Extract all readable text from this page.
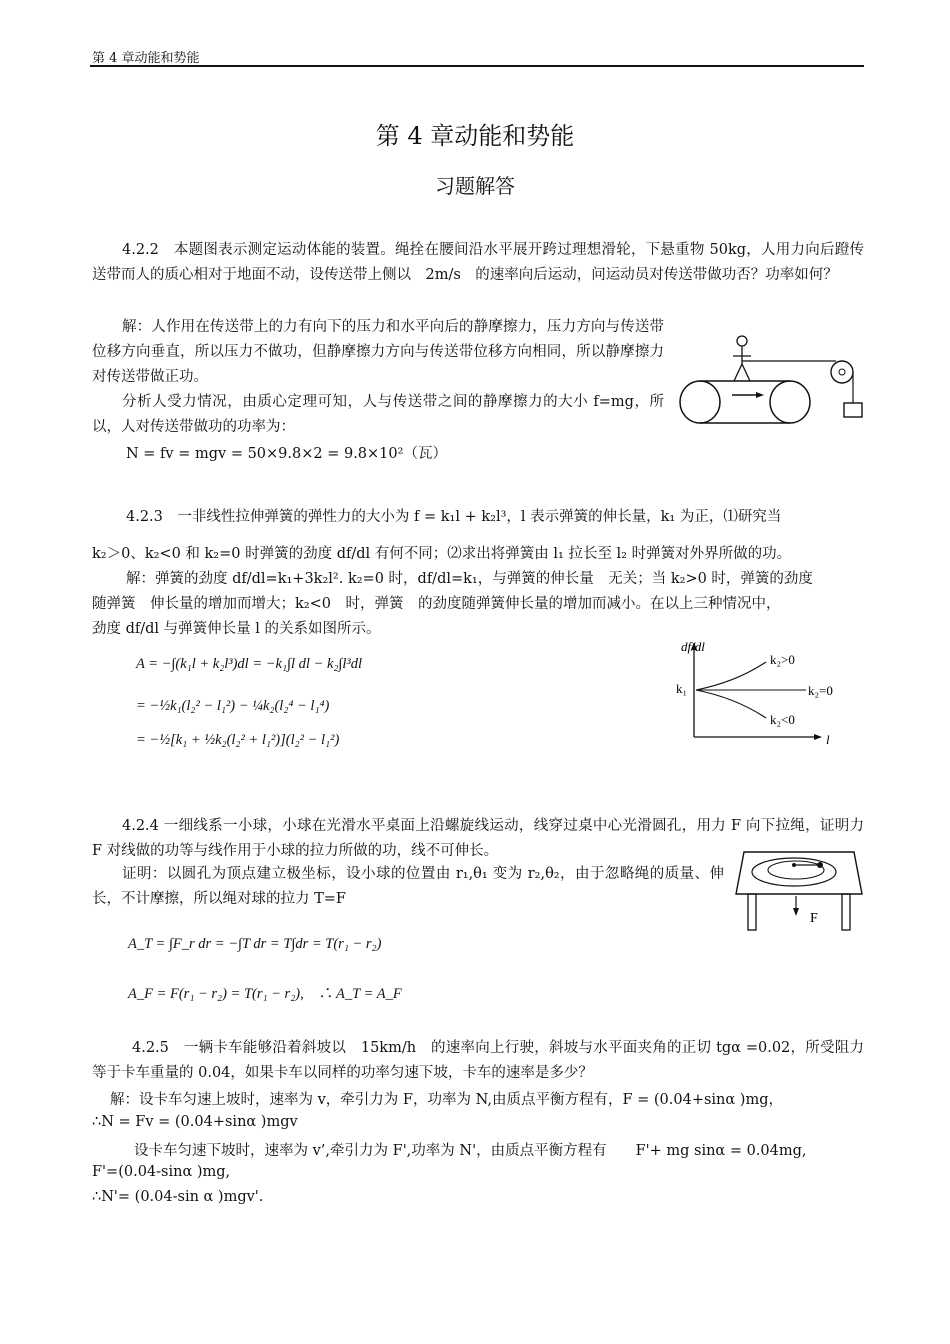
第 4 章动能和势能
第 4 章动能和势能
习题解答
4.2.2　本题图表示测定运动体能的装置。绳拴在腰间沿水平展开跨过理想滑轮，下悬重物 50kg，人用力向后蹬传送带而人的质心相对于地面不动，设传送带上侧以　2m/s　的速率向后运动，问运动员对传送带做功否？功率如何？
解：人作用在传送带上的力有向下的压力和水平向后的静摩擦力，压力方向与传送带位移方向垂直，所以压力不做功，但静摩擦力方向与传送带位移方向相同，所以静摩擦力对传送带做正功。
分析人受力情况，由质心定理可知，人与传送带之间的静摩擦力的大小 f=mg，所以，人对传送带做功的功率为：
N = fv = mgv = 50×9.8×2 = 9.8×10²（瓦）
4.2.3　一非线性拉伸弹簧的弹性力的大小为 f = k₁l + k₂l³，l 表示弹簧的伸长量，k₁ 为正，⑴研究当
k₂＞0、k₂<0 和 k₂=0 时弹簧的劲度 df/dl 有何不同；⑵求出将弹簧由 l₁ 拉长至 l₂ 时弹簧对外界所做的功。
解：弹簧的劲度 df/dl=k₁+3k₂l². k₂=0 时，df/dl=k₁，与弹簧的伸长量　无关；当 k₂>0 时，弹簧的劲度
随弹簧　伸长量的增加而增大；k₂<0　时，弹簧　的劲度随弹簧伸长量的增加而减小。在以上三种情况中，
劲度 df/dl 与弹簧伸长量 l 的关系如图所示。
A = −∫(k₁l + k₂l³)dl = −k₁∫l dl − k₂∫l³dl
= −½k₁(l₂² − l₁²) − ¼k₂(l₂⁴ − l₁⁴)
= −½[k₁ + ½k₂(l₂² + l₁²)](l₂² − l₁²)
df/dl
l
k₁
k₂>0
k₂=0
k₂<0
4.2.4 一细线系一小球，小球在光滑水平桌面上沿螺旋线运动，线穿过桌中心光滑圆孔，用力 F 向下拉绳，证明力 F 对线做的功等与线作用于小球的拉力所做的功，线不可伸长。
证明：以圆孔为顶点建立极坐标，设小球的位置由 r₁,θ₁ 变为 r₂,θ₂，由于忽略绳的质量、伸长，不计摩擦，所以绳对球的拉力 T=F
A_T = ∫F_r dr = −∫T dr = T∫dr = T(r₁ − r₂)
A_F = F(r₁ − r₂) = T(r₁ − r₂),　∴ A_T = A_F
F
4.2.5　一辆卡车能够沿着斜坡以　15km/h　的速率向上行驶，斜坡与水平面夹角的正切 tgα =0.02，所受阻力等于卡车重量的 0.04，如果卡车以同样的功率匀速下坡，卡车的速率是多少？
解：设卡车匀速上坡时，速率为 v，牵引力为 F，功率为 N,由质点平衡方程有，F = (0.04+sinα )mg，
∴N = Fv = (0.04+sinα )mgv
设卡车匀速下坡时，速率为 v’,牵引力为 F',功率为 N'，由质点平衡方程有　　F'+ mg sinα = 0.04mg,
F'=(0.04-sinα )mg,
∴N'= (0.04-sin α )mgv'.
